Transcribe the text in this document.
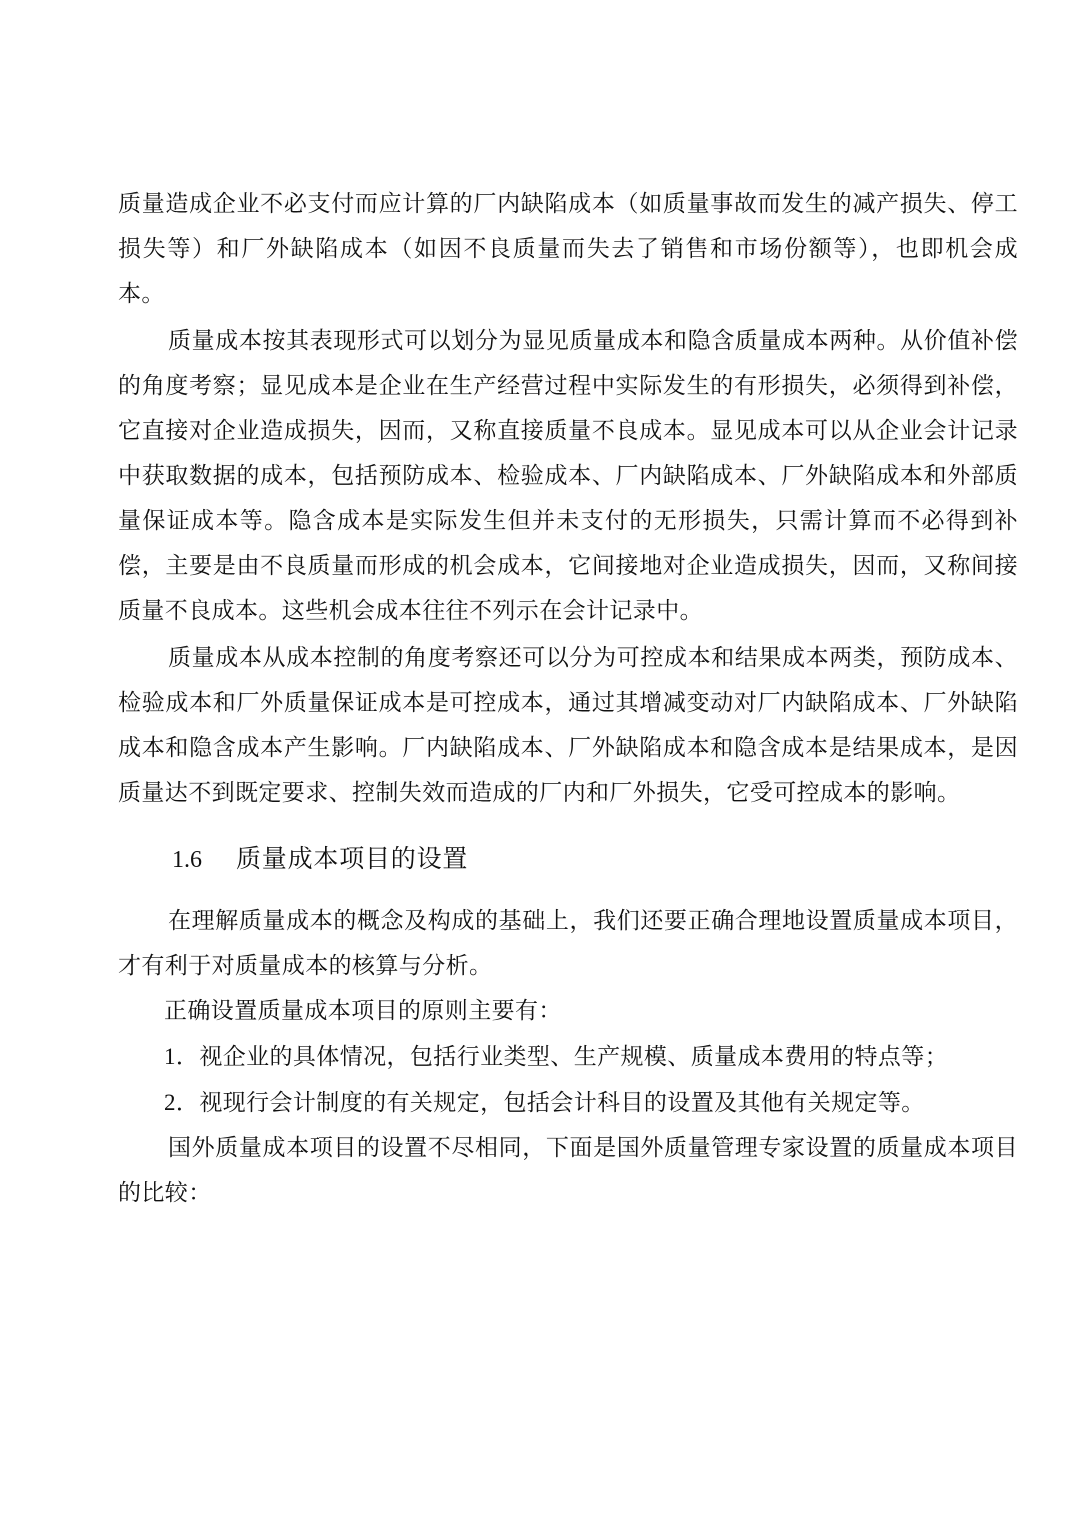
质量造成企业不必支付而应计算的厂内缺陷成本（如质量事故而发生的减产损失、停工损失等）和厂外缺陷成本（如因不良质量而失去了销售和市场份额等），也即机会成本。

质量成本按其表现形式可以划分为显见质量成本和隐含质量成本两种。从价值补偿的角度考察；显见成本是企业在生产经营过程中实际发生的有形损失，必须得到补偿，它直接对企业造成损失，因而，又称直接质量不良成本。显见成本可以从企业会计记录中获取数据的成本，包括预防成本、检验成本、厂内缺陷成本、厂外缺陷成本和外部质量保证成本等。隐含成本是实际发生但并未支付的无形损失，只需计算而不必得到补偿，主要是由不良质量而形成的机会成本，它间接地对企业造成损失，因而，又称间接质量不良成本。这些机会成本往往不列示在会计记录中。

质量成本从成本控制的角度考察还可以分为可控成本和结果成本两类，预防成本、检验成本和厂外质量保证成本是可控成本，通过其增减变动对厂内缺陷成本、厂外缺陷成本和隐含成本产生影响。厂内缺陷成本、厂外缺陷成本和隐含成本是结果成本，是因质量达不到既定要求、控制失效而造成的厂内和厂外损失，它受可控成本的影响。

1.6	质量成本项目的设置

在理解质量成本的概念及构成的基础上，我们还要正确合理地设置质量成本项目，才有利于对质量成本的核算与分析。

正确设置质量成本项目的原则主要有：

1．视企业的具体情况，包括行业类型、生产规模、质量成本费用的特点等；

2．视现行会计制度的有关规定，包括会计科目的设置及其他有关规定等。

国外质量成本项目的设置不尽相同，下面是国外质量管理专家设置的质量成本项目的比较：
